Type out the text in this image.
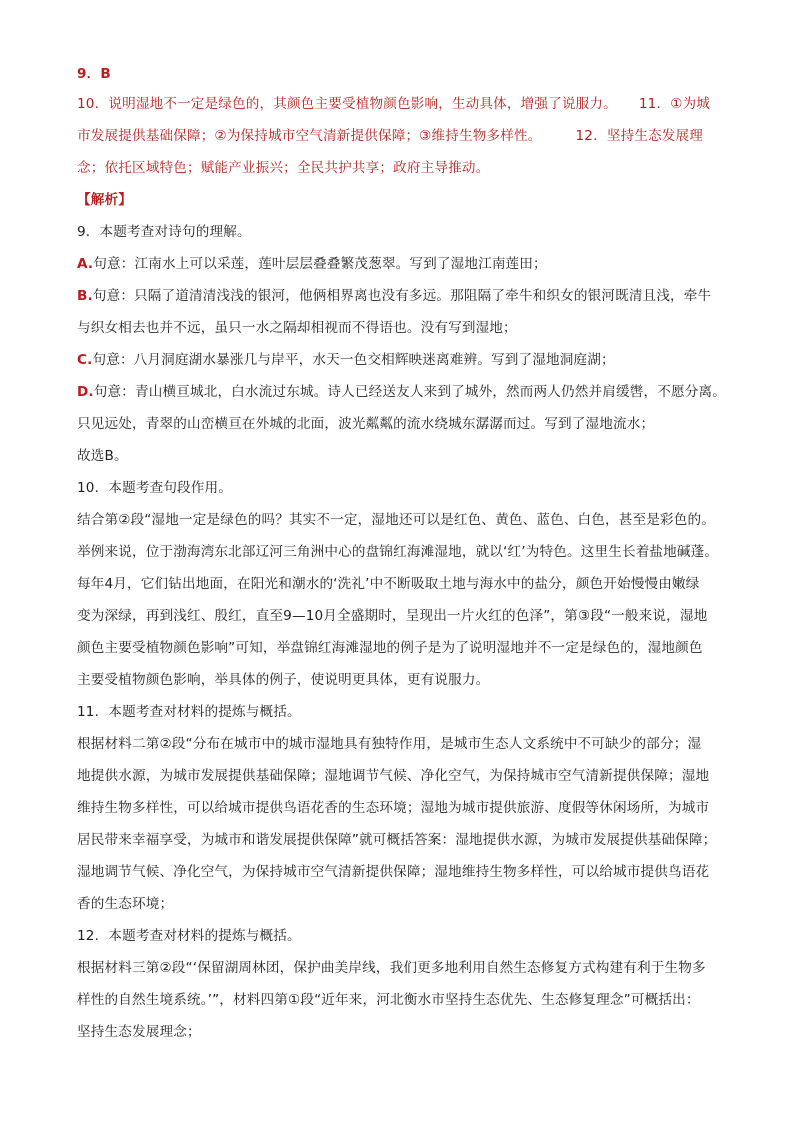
9．B
10．说明湿地不一定是绿色的，其颜色主要受植物颜色影响，生动具体，增强了说服力。 11．①为城
市发展提供基础保障；②为保持城市空气清新提供保障；③维持生物多样性。	12．坚持生态发展理
念；依托区域特色；赋能产业振兴；全民共护共享；政府主导推动。
【解析】
9．本题考查对诗句的理解。
A.句意：江南水上可以采莲，莲叶层层叠叠繁茂葱翠。写到了湿地江南莲田；
B.句意：只隔了道清清浅浅的银河，他俩相界离也没有多远。那阻隔了牵牛和织女的银河既清且浅，牵牛
与织女相去也并不远，虽只一水之隔却相视而不得语也。没有写到湿地；
C.句意：八月洞庭湖水暴涨几与岸平，水天一色交相辉映迷离难辨。写到了湿地洞庭湖；
D.句意：青山横亘城北，白水流过东城。诗人已经送友人来到了城外，然而两人仍然并肩缓辔，不愿分离。
只见远处，青翠的山峦横亘在外城的北面，波光粼粼的流水绕城东潺潺而过。写到了湿地流水；
故选B。
10．本题考查句段作用。
结合第②段“湿地一定是绿色的吗？其实不一定，湿地还可以是红色、黄色、蓝色、白色，甚至是彩色的。
举例来说，位于渤海湾东北部辽河三角洲中心的盘锦红海滩湿地，就以‘红’为特色。这里生长着盐地碱蓬。
每年4月，它们钻出地面，在阳光和潮水的‘洗礼’中不断吸取土地与海水中的盐分，颜色开始慢慢由嫩绿
变为深绿，再到浅红、殷红，直至9—10月全盛期时，呈现出一片火红的色泽”，第③段“一般来说，湿地
颜色主要受植物颜色影响”可知，举盘锦红海滩湿地的例子是为了说明湿地并不一定是绿色的，湿地颜色
主要受植物颜色影响，举具体的例子，使说明更具体，更有说服力。
11．本题考查对材料的提炼与概括。
根据材料二第②段“分布在城市中的城市湿地具有独特作用，是城市生态人文系统中不可缺少的部分；湿
地提供水源，为城市发展提供基础保障；湿地调节气候、净化空气，为保持城市空气清新提供保障；湿地
维持生物多样性，可以给城市提供鸟语花香的生态环境；湿地为城市提供旅游、度假等休闲场所，为城市
居民带来幸福享受，为城市和谐发展提供保障”就可概括答案：湿地提供水源，为城市发展提供基础保障；
湿地调节气候、净化空气，为保持城市空气清新提供保障；湿地维持生物多样性，可以给城市提供鸟语花
香的生态环境；
12．本题考查对材料的提炼与概括。
根据材料三第②段“‘保留湖周林团，保护曲美岸线，我们更多地利用自然生态修复方式构建有利于生物多
样性的自然生境系统。’”，材料四第①段“近年来，河北衡水市坚持生态优先、生态修复理念”可概括出：
坚持生态发展理念；
